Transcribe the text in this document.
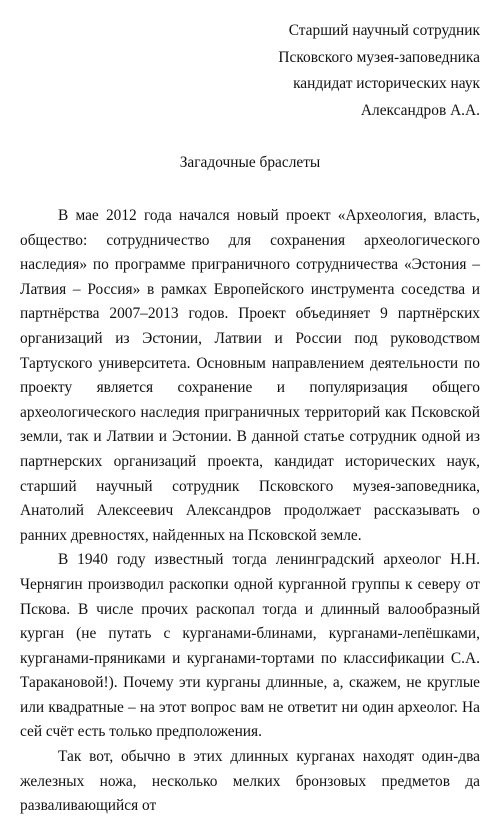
Старший научный сотрудник
Псковского музея-заповедника
кандидат исторических наук
Александров А.А.
Загадочные браслеты

В мае 2012 года начался новый проект «Археология, власть, общество: сотрудничество для сохранения археологического наследия» по программе приграничного сотрудничества «Эстония – Латвия – Россия» в рамках Европейского инструмента соседства и партнёрства 2007–2013 годов. Проект объединяет 9 партнёрских организаций из Эстонии, Латвии и России под руководством Тартуского университета. Основным направлением деятельности по проекту является сохранение и популяризация общего археологического наследия приграничных территорий как Псковской земли, так и Латвии и Эстонии. В данной статье сотрудник одной из партнерских организаций проекта, кандидат исторических наук, старший научный сотрудник Псковского музея-заповедника, Анатолий Алексеевич Александров продолжает рассказывать о ранних древностях, найденных на Псковской земле.

В 1940 году известный тогда ленинградский археолог Н.Н. Чернягин производил раскопки одной курганной группы к северу от Пскова. В числе прочих раскопал тогда и длинный валообразный курган (не путать с курганами-блинами, курганами-лепёшками, курганами-пряниками и курганами-тортами по классификации С.А. Таракановой!). Почему эти курганы длинные, а, скажем, не круглые или квадратные – на этот вопрос вам не ответит ни один археолог. На сей счёт есть только предположения.

Так вот, обычно в этих длинных курганах находят один-два железных ножа, несколько мелких бронзовых предметов да разваливающийся от
